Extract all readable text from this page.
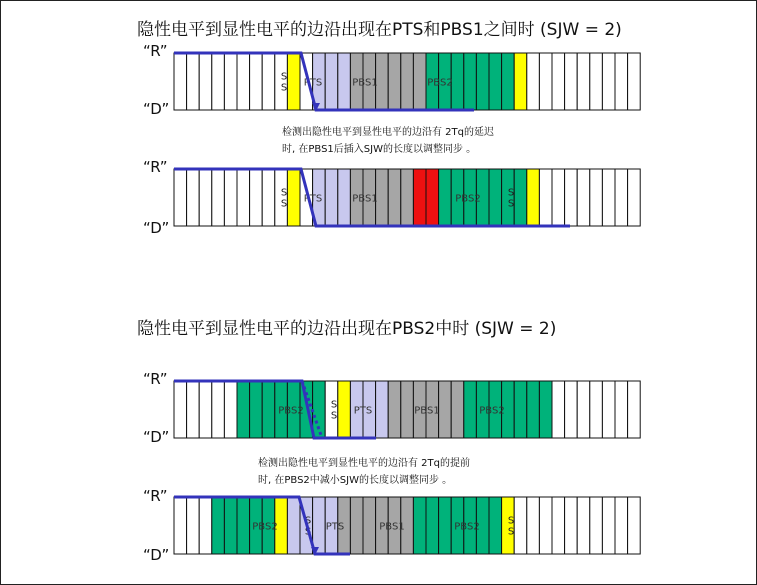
隐性电平到显性电平的边沿出现在PTS和PBS1之间时 (SJW = 2)
隐性电平到显性电平的边沿出现在PBS2中时 (SJW = 2)
检测出隐性电平到显性电平的边沿有 2Tq的延迟
时, 在PBS1后插入SJW的长度以调整同步 。
检测出隐性电平到显性电平的边沿有 2Tq的提前
时, 在PBS2中减小SJW的长度以调整同步 。
“R”
“D”
“R”
“D”
“R”
“D”
“R”
“D”
S
S PTS	PBS1	PBS2
S
S PTS	PBS1	PBS2
S
S
PBS2
S
S PTS	PBS1	PBS2
PBS2
S
S PTS	PBS1	PBS2
S
S
